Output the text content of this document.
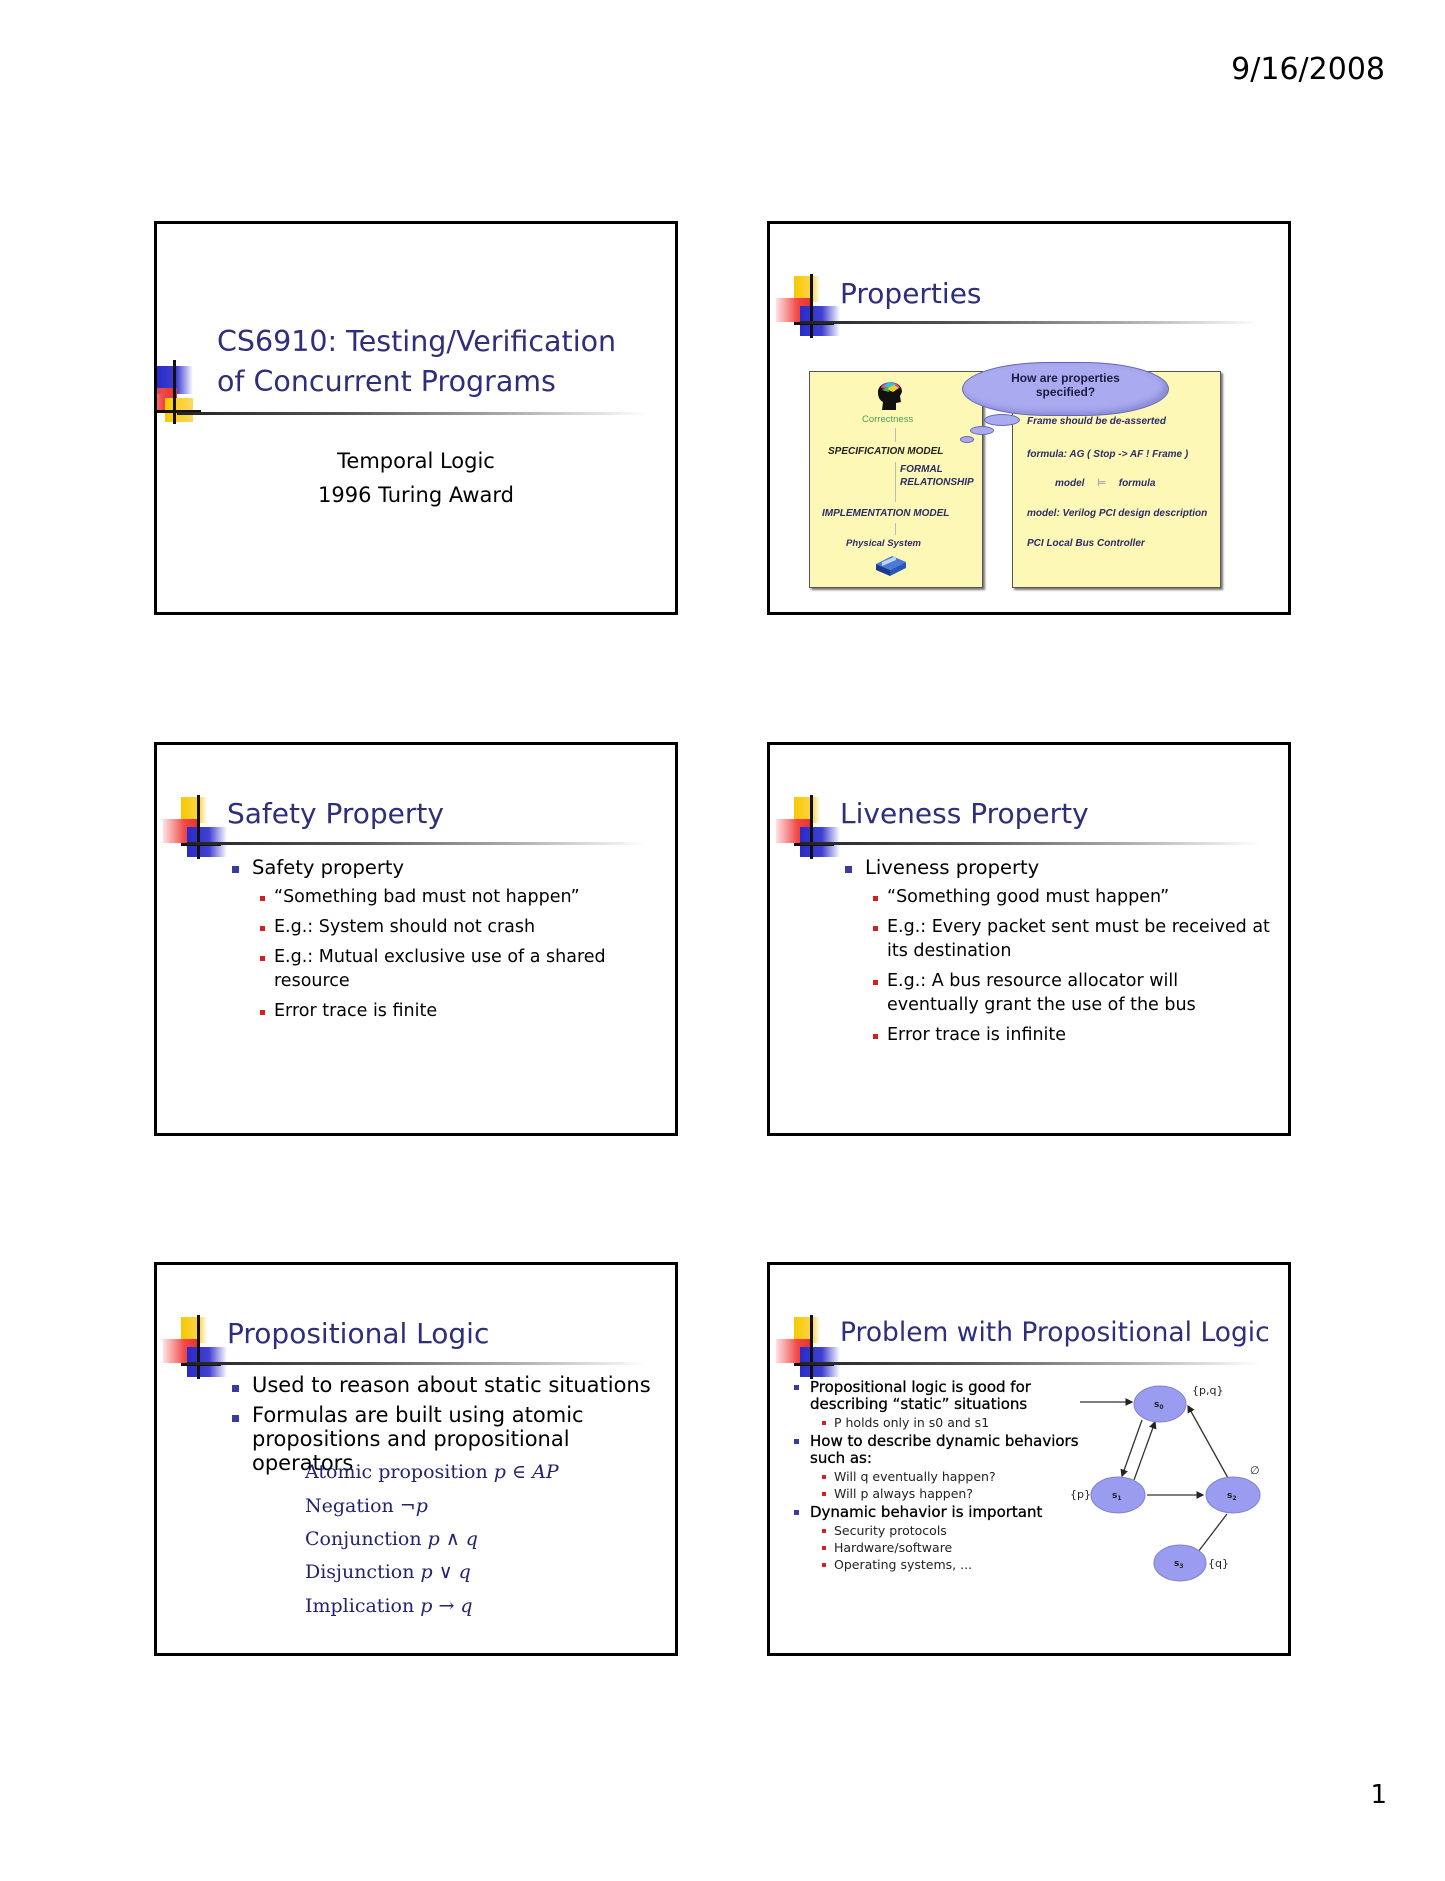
9/16/2008
CS6910: Testing/Verification
of Concurrent Programs
Temporal Logic
1996 Turing Award
Properties
Correctness
SPECIFICATION MODEL
FORMAL
RELATIONSHIP
IMPLEMENTATION MODEL
Physical System
Frame should be de-asserted
formula: AG ( Stop -> AF ! Frame )
model ⊨ formula
model: Verilog PCI design description
PCI Local Bus Controller
How are properties
specified?
Safety Property
Safety property
“Something bad must not happen”
E.g.: System should not crash
E.g.: Mutual exclusive use of a shared resource
Error trace is finite
Liveness Property
Liveness property
“Something good must happen”
E.g.: Every packet sent must be received at its destination
E.g.: A bus resource allocator will eventually grant the use of the bus
Error trace is infinite
Propositional Logic
Used to reason about static situations
Formulas are built using atomic propositions and propositional operators
Atomic proposition p ∈ AP
Negation ¬p
Conjunction p ∧ q
Disjunction p ∨ q
Implication p → q
Problem with Propositional Logic
Propositional logic is good for describing “static” situations
P holds only in s0 and s1
How to describe dynamic behaviors such as:
Will q eventually happen?
Will p always happen?
Dynamic behavior is important
Security protocols
Hardware/software
Operating systems, ...
$s_0$
$s_1$	$s_2$
$s_3$
{p,q}
{p}
∅
{q}
1
